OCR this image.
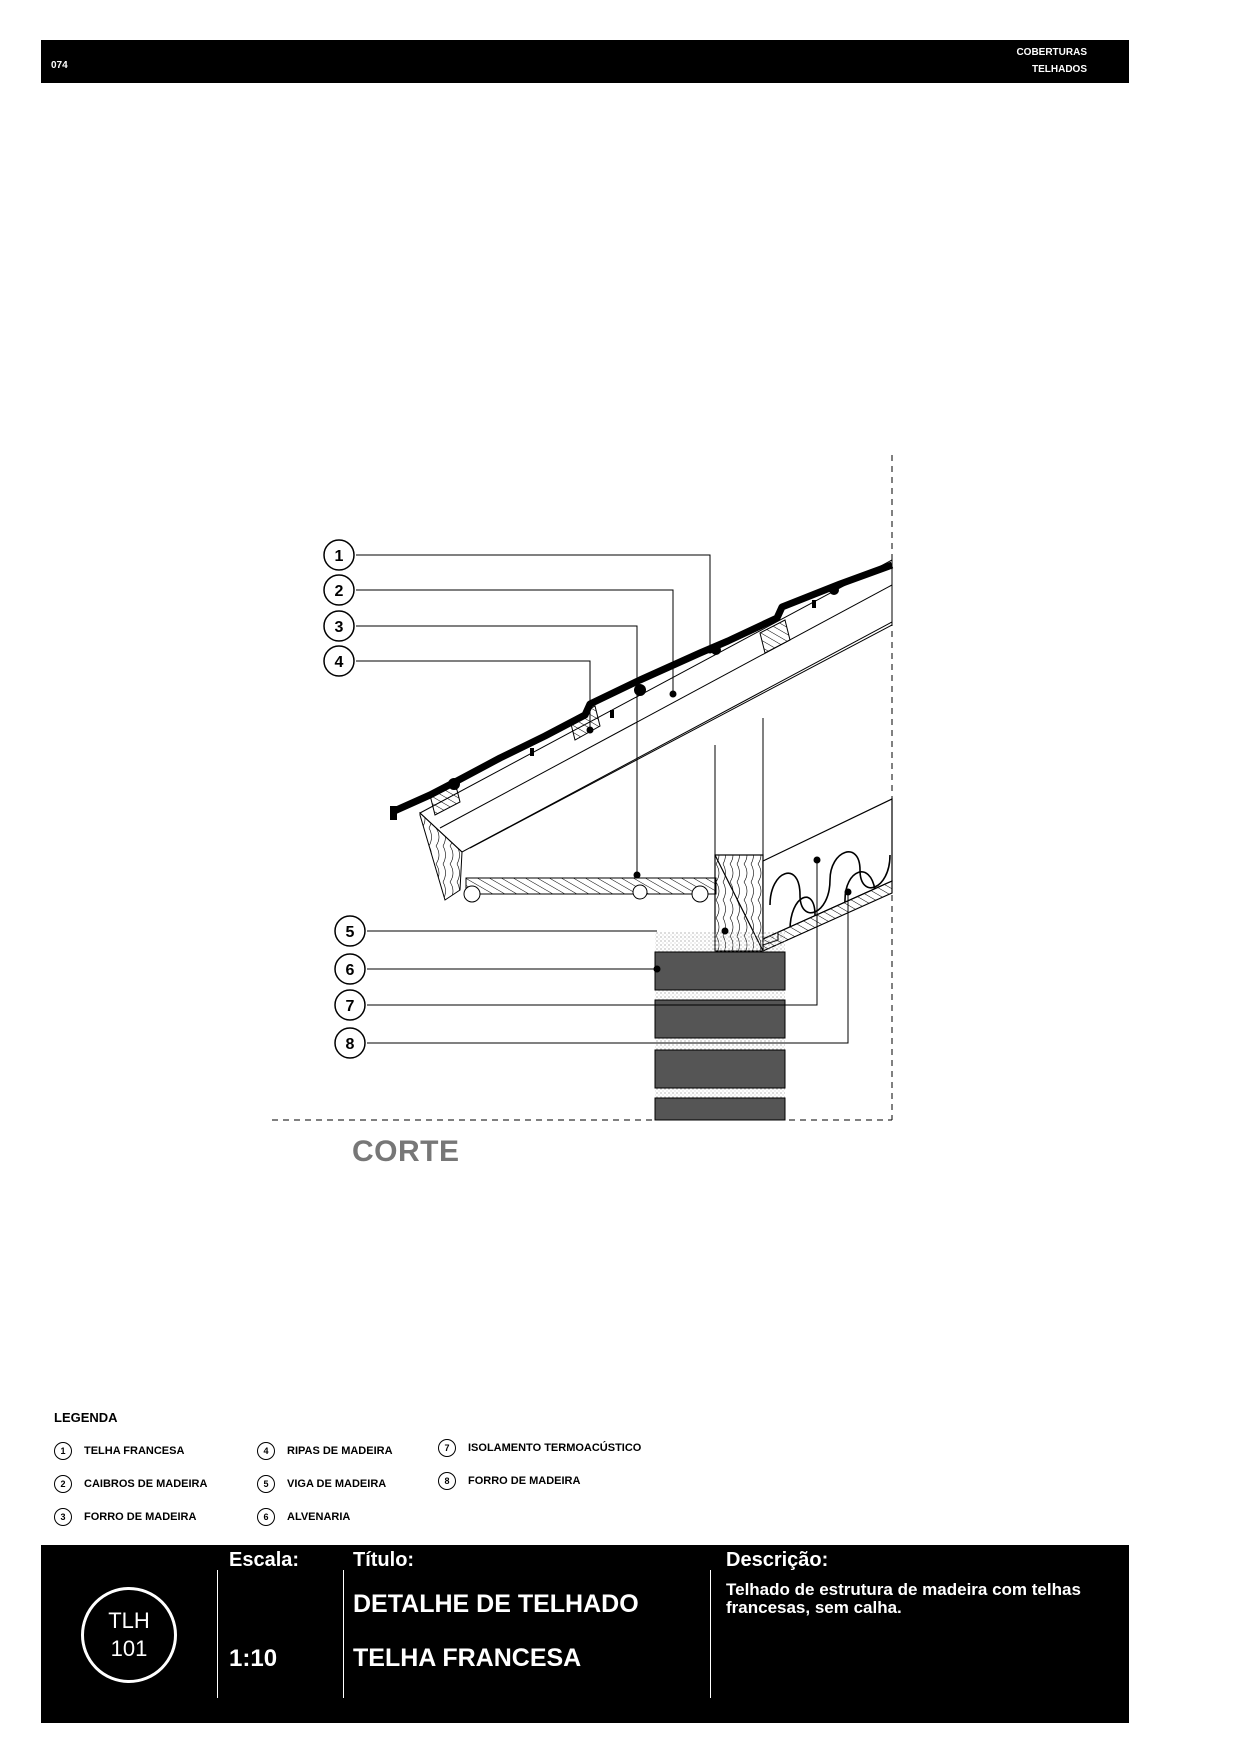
074
COBERTURAS
TELHADOS
1
2
3
4
5
6
7
8
CORTE
LEGENDA
1	TELHA FRANCESA
2	CAIBROS DE MADEIRA
3	FORRO DE MADEIRA
4	RIPAS DE MADEIRA
5	VIGA DE MADEIRA
6	ALVENARIA
7	ISOLAMENTO TERMOACÚSTICO
8	FORRO DE MADEIRA
TLH
101
Escala:
1:10
Título:
DETALHE DE TELHADO
TELHA FRANCESA
Descrição:
Telhado de estrutura de madeira com telhas francesas, sem calha.
